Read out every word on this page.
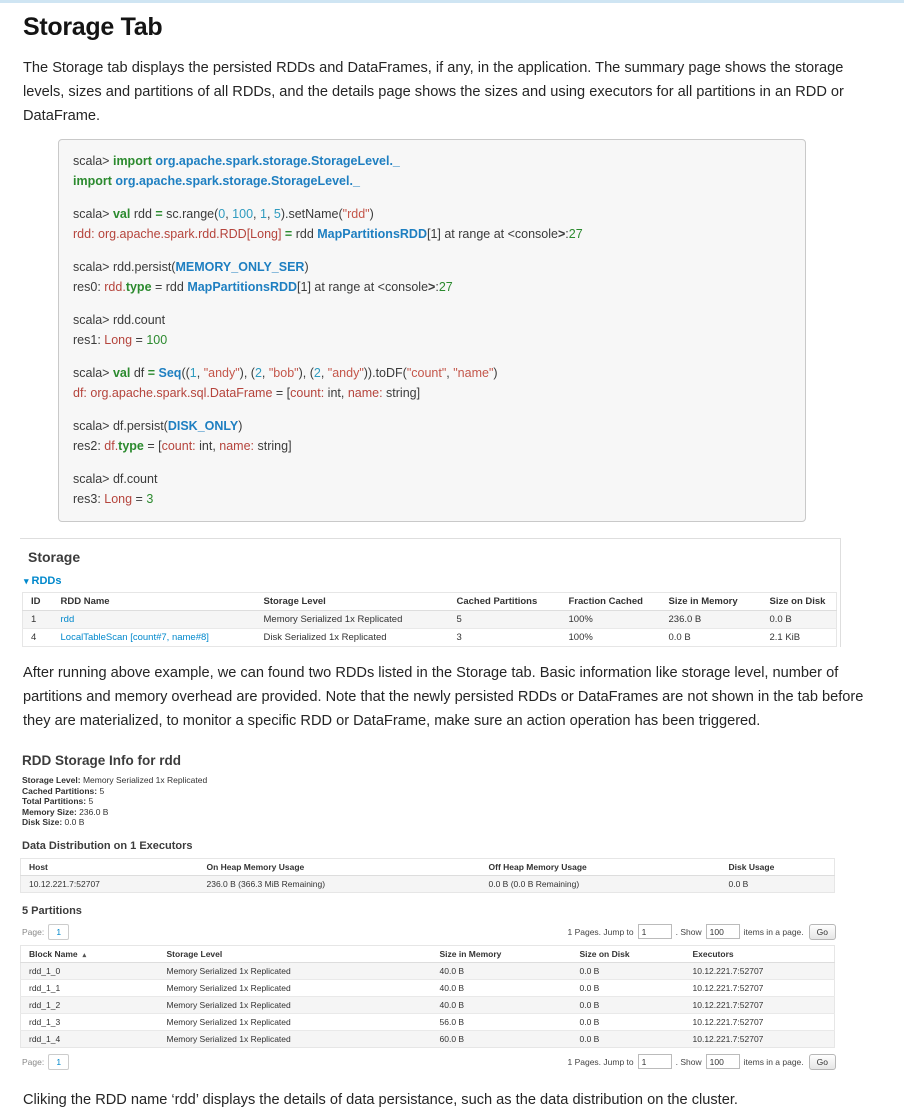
Storage Tab

The Storage tab displays the persisted RDDs and DataFrames, if any, in the application. The summary page shows the storage levels, sizes and partitions of all RDDs, and the details page shows the sizes and using executors for all partitions in an RDD or DataFrame.

scala> import org.apache.spark.storage.StorageLevel._
import org.apache.spark.storage.StorageLevel._
scala> val rdd = sc.range(0, 100, 1, 5).setName("rdd")
rdd: org.apache.spark.rdd.RDD[Long] = rdd MapPartitionsRDD[1] at range at <console>:27
scala> rdd.persist(MEMORY_ONLY_SER)
res0: rdd.type = rdd MapPartitionsRDD[1] at range at <console>:27
scala> rdd.count
res1: Long = 100
scala> val df = Seq((1, "andy"), (2, "bob"), (2, "andy")).toDF("count", "name")
df: org.apache.spark.sql.DataFrame = [count: int, name: string]
scala> df.persist(DISK_ONLY)
res2: df.type = [count: int, name: string]
scala> df.count
res3: Long = 3
Storage
▾ RDDs
ID	RDD Name	Storage Level	Cached Partitions	Fraction Cached	Size in Memory	Size on Disk
1	rdd	Memory Serialized 1x Replicated	5	100%	236.0 B	0.0 B
4	LocalTableScan [count#7, name#8]	Disk Serialized 1x Replicated	3	100%	0.0 B	2.1 KiB

After running above example, we can found two RDDs listed in the Storage tab. Basic information like storage level, number of partitions and memory overhead are provided. Note that the newly persisted RDDs or DataFrames are not shown in the tab before they are materialized, to monitor a specific RDD or DataFrame, make sure an action operation has been triggered.

RDD Storage Info for rdd
Storage Level: Memory Serialized 1x Replicated
Cached Partitions: 5
Total Partitions: 5
Memory Size: 236.0 B
Disk Size: 0.0 B
Data Distribution on 1 Executors
Host	On Heap Memory Usage	Off Heap Memory Usage	Disk Usage
10.12.221.7:52707	236.0 B (366.3 MiB Remaining)	0.0 B (0.0 B Remaining)	0.0 B
5 Partitions
Page:	1	1 Pages. Jump to
1	. Show
100	items in a page.	Go
Block Name ▴	Storage Level	Size in Memory	Size on Disk	Executors
rdd_1_0	Memory Serialized 1x Replicated	40.0 B	0.0 B	10.12.221.7:52707
rdd_1_1	Memory Serialized 1x Replicated	40.0 B	0.0 B	10.12.221.7:52707
rdd_1_2	Memory Serialized 1x Replicated	40.0 B	0.0 B	10.12.221.7:52707
rdd_1_3	Memory Serialized 1x Replicated	56.0 B	0.0 B	10.12.221.7:52707
rdd_1_4	Memory Serialized 1x Replicated	60.0 B	0.0 B	10.12.221.7:52707
Page:	1	1 Pages. Jump to
1	. Show
100	items in a page.	Go

Cliking the RDD name ‘rdd’ displays the details of data persistance, such as the data distribution on the cluster.
